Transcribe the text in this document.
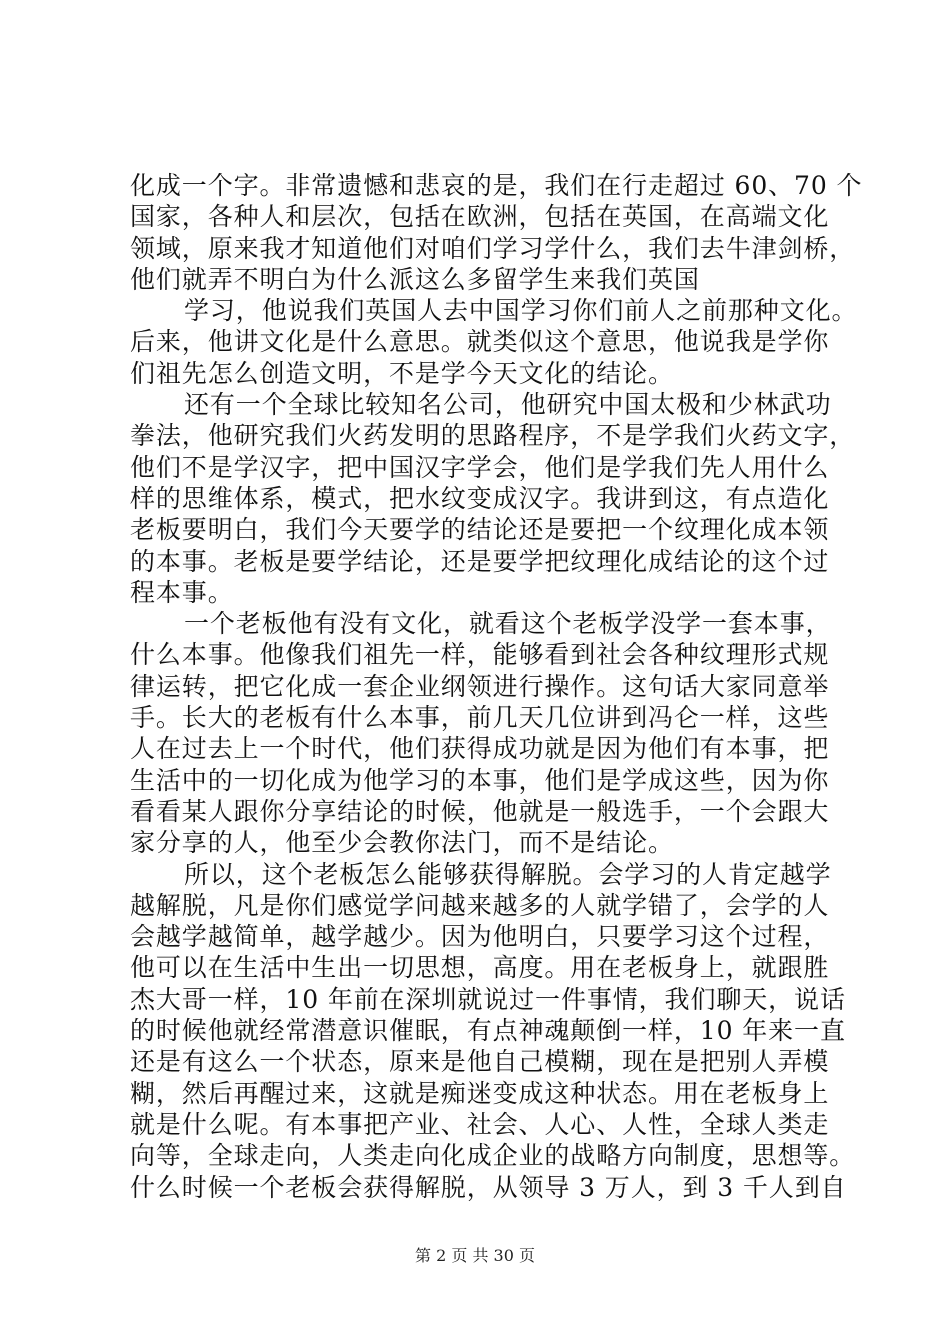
化成一个字。非常遗憾和悲哀的是，我们在行走超过 60、70 个
国家，各种人和层次，包括在欧洲，包括在英国，在高端文化
领域，原来我才知道他们对咱们学习学什么，我们去牛津剑桥，
他们就弄不明白为什么派这么多留学生来我们英国
学习，他说我们英国人去中国学习你们前人之前那种文化。
后来，他讲文化是什么意思。就类似这个意思，他说我是学你
们祖先怎么创造文明，不是学今天文化的结论。
还有一个全球比较知名公司，他研究中国太极和少林武功
拳法，他研究我们火药发明的思路程序，不是学我们火药文字，
他们不是学汉字，把中国汉字学会，他们是学我们先人用什么
样的思维体系，模式，把水纹变成汉字。我讲到这，有点造化
老板要明白，我们今天要学的结论还是要把一个纹理化成本领
的本事。老板是要学结论，还是要学把纹理化成结论的这个过
程本事。
一个老板他有没有文化，就看这个老板学没学一套本事，
什么本事。他像我们祖先一样，能够看到社会各种纹理形式规
律运转，把它化成一套企业纲领进行操作。这句话大家同意举
手。长大的老板有什么本事，前几天几位讲到冯仑一样，这些
人在过去上一个时代，他们获得成功就是因为他们有本事，把
生活中的一切化成为他学习的本事，他们是学成这些，因为你
看看某人跟你分享结论的时候，他就是一般选手，一个会跟大
家分享的人，他至少会教你法门，而不是结论。
所以，这个老板怎么能够获得解脱。会学习的人肯定越学
越解脱，凡是你们感觉学问越来越多的人就学错了，会学的人
会越学越简单，越学越少。因为他明白，只要学习这个过程，
他可以在生活中生出一切思想，高度。用在老板身上，就跟胜
杰大哥一样，10 年前在深圳就说过一件事情，我们聊天，说话
的时候他就经常潜意识催眠，有点神魂颠倒一样，10 年来一直
还是有这么一个状态，原来是他自己模糊，现在是把别人弄模
糊，然后再醒过来，这就是痴迷变成这种状态。用在老板身上
就是什么呢。有本事把产业、社会、人心、人性，全球人类走
向等，全球走向，人类走向化成企业的战略方向制度，思想等。
什么时候一个老板会获得解脱，从领导 3 万人，到 3 千人到自
第 2 页 共 30 页
